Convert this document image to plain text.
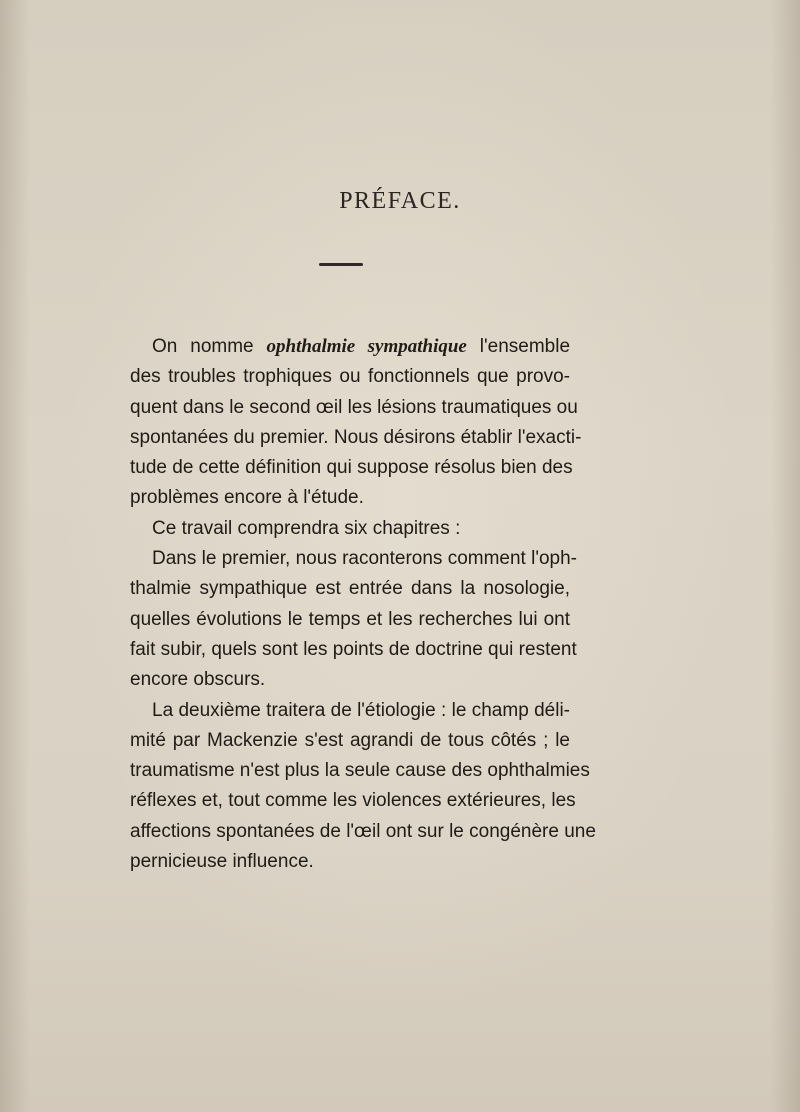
PRÉFACE.
On nomme ophthalmie sympathique l'ensemble
des troubles trophiques ou fonctionnels que provo-
quent dans le second œil les lésions traumatiques ou
spontanées du premier. Nous désirons établir l'exacti-
tude de cette définition qui suppose résolus bien des
problèmes encore à l'étude.
Ce travail comprendra six chapitres :
Dans le premier, nous raconterons comment l'oph-
thalmie sympathique est entrée dans la nosologie,
quelles évolutions le temps et les recherches lui ont
fait subir, quels sont les points de doctrine qui restent
encore obscurs.
La deuxième traitera de l'étiologie : le champ déli-
mité par Mackenzie s'est agrandi de tous côtés ; le
traumatisme n'est plus la seule cause des ophthalmies
réflexes et, tout comme les violences extérieures, les
affections spontanées de l'œil ont sur le congénère une
pernicieuse influence.
